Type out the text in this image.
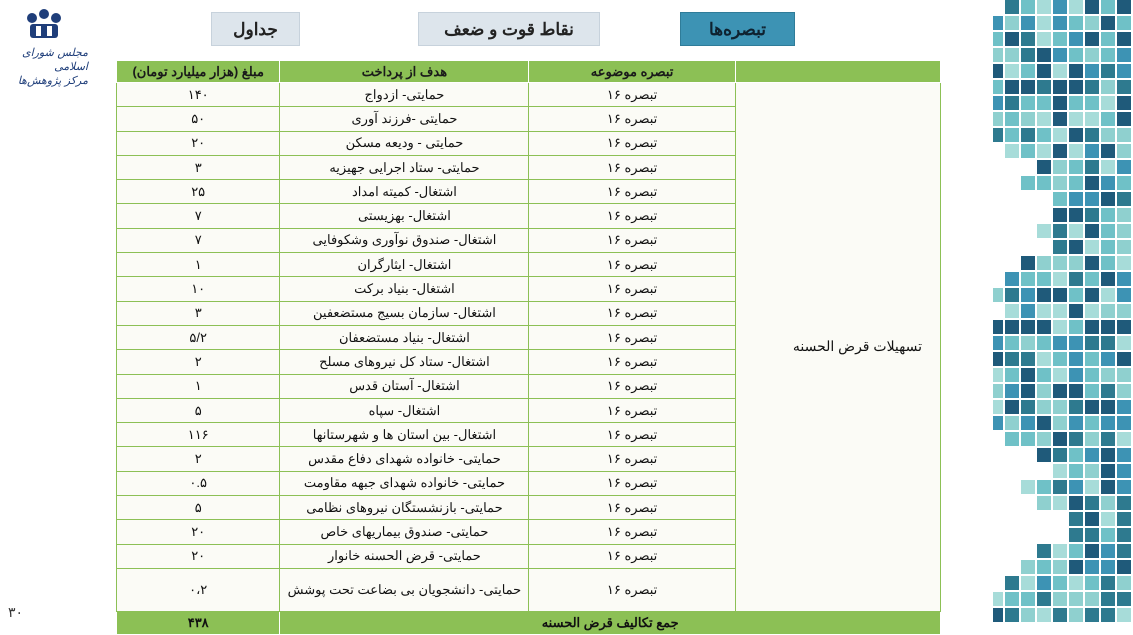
مجلس شورای اسلامی
مرکز پژوهش‌ها
جداول	نقاط قوت و ضعف	تبصره‌ها
	تبصره موضوعه	هدف از پرداخت	مبلغ (هزار میلیارد تومان)
تسهیلات قرض الحسنه	تبصره ۱۶	حمایتی- ازدواج	۱۴۰
	تبصره ۱۶	حمایتی -فرزند آوری	۵۰
	تبصره ۱۶	حمایتی - ودیعه مسکن	۲۰
	تبصره ۱۶	حمایتی- ستاد اجرایی جهیزیه	۳
	تبصره ۱۶	اشتغال- کمیته امداد	۲۵
	تبصره ۱۶	اشتغال- بهزیستی	۷
	تبصره ۱۶	اشتغال- صندوق نوآوری وشکوفایی	۷
	تبصره ۱۶	اشتغال- ایثارگران	۱
	تبصره ۱۶	اشتغال- بنیاد برکت	۱۰
	تبصره ۱۶	اشتغال- سازمان بسیج مستضعفین	۳
	تبصره ۱۶	اشتغال- بنیاد مستضعفان	۵/۲
	تبصره ۱۶	اشتغال- ستاد کل نیروهای مسلح	۲
	تبصره ۱۶	اشتغال- آستان قدس	۱
	تبصره ۱۶	اشتغال- سپاه	۵
	تبصره ۱۶	اشتغال- بین استان ها و شهرستانها	۱۱۶
	تبصره ۱۶	حمایتی- خانواده شهدای دفاع مقدس	۲
	تبصره ۱۶	حمایتی- خانواده شهدای جبهه مقاومت	۰.۵
	تبصره ۱۶	حمایتی- بازنشستگان نیروهای نظامی	۵
	تبصره ۱۶	حمایتی- صندوق بیماریهای خاص	۲۰
	تبصره ۱۶	حمایتی- قرض الحسنه خانوار	۲۰
	تبصره ۱۶	حمایتی- دانشجویان بی بضاعت تحت پوشش	۰،۲
جمع تکالیف قرض الحسنه			۴۳۸
۳۰
